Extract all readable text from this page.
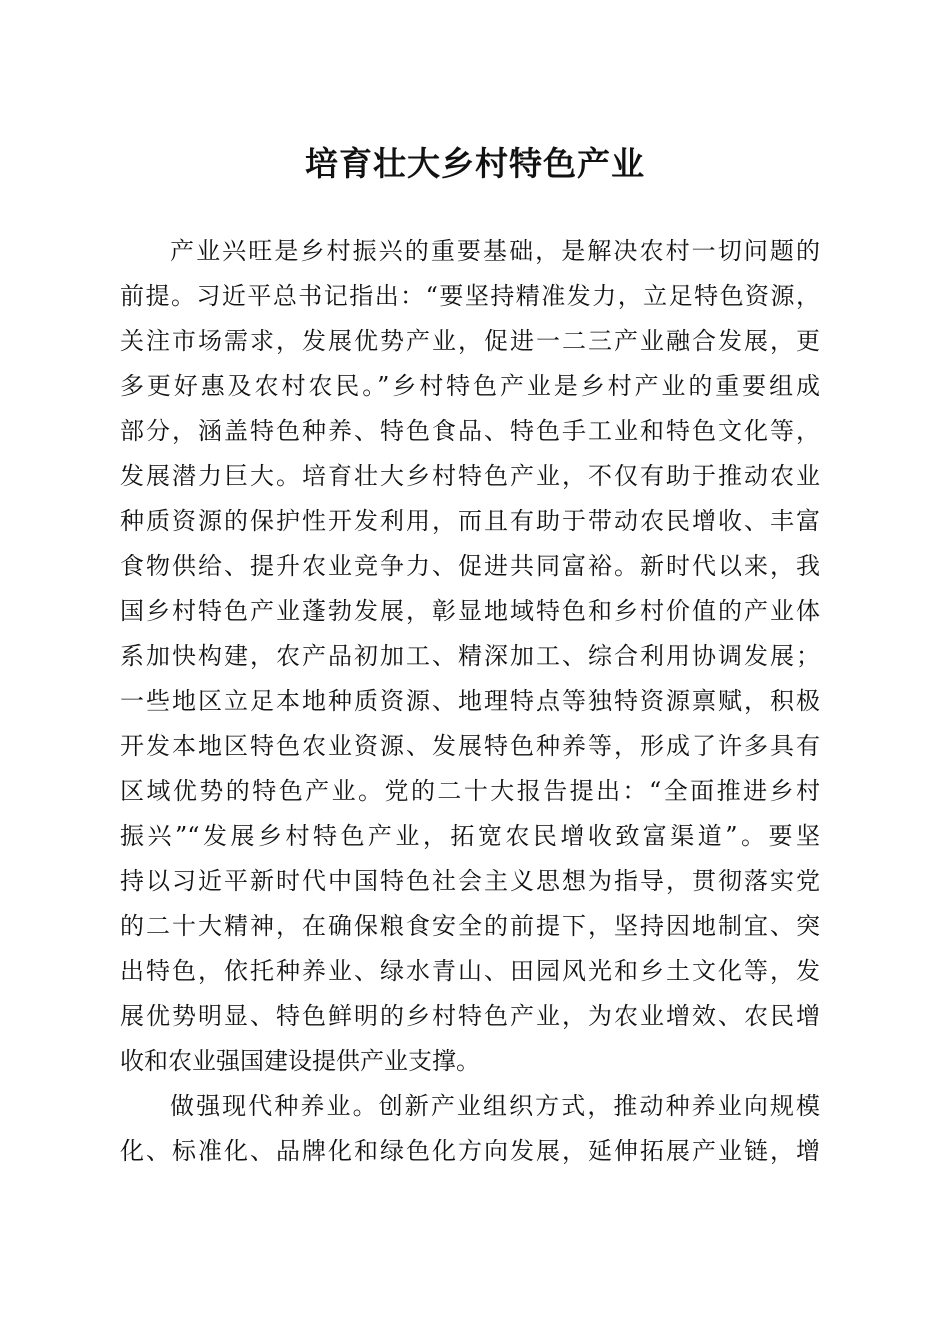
培育壮大乡村特色产业
产业兴旺是乡村振兴的重要基础，是解决农村一切问题的
前提。习近平总书记指出：“要坚持精准发力，立足特色资源，
关注市场需求，发展优势产业，促进一二三产业融合发展，更
多更好惠及农村农民。”乡村特色产业是乡村产业的重要组成
部分，涵盖特色种养、特色食品、特色手工业和特色文化等，
发展潜力巨大。培育壮大乡村特色产业，不仅有助于推动农业
种质资源的保护性开发利用，而且有助于带动农民增收、丰富
食物供给、提升农业竞争力、促进共同富裕。新时代以来，我
国乡村特色产业蓬勃发展，彰显地域特色和乡村价值的产业体
系加快构建，农产品初加工、精深加工、综合利用协调发展；
一些地区立足本地种质资源、地理特点等独特资源禀赋，积极
开发本地区特色农业资源、发展特色种养等，形成了许多具有
区域优势的特色产业。党的二十大报告提出：“全面推进乡村
振兴”“发展乡村特色产业，拓宽农民增收致富渠道”。要坚
持以习近平新时代中国特色社会主义思想为指导，贯彻落实党
的二十大精神，在确保粮食安全的前提下，坚持因地制宜、突
出特色，依托种养业、绿水青山、田园风光和乡土文化等，发
展优势明显、特色鲜明的乡村特色产业，为农业增效、农民增
收和农业强国建设提供产业支撑。
做强现代种养业。创新产业组织方式，推动种养业向规模
化、标准化、品牌化和绿色化方向发展，延伸拓展产业链，增
